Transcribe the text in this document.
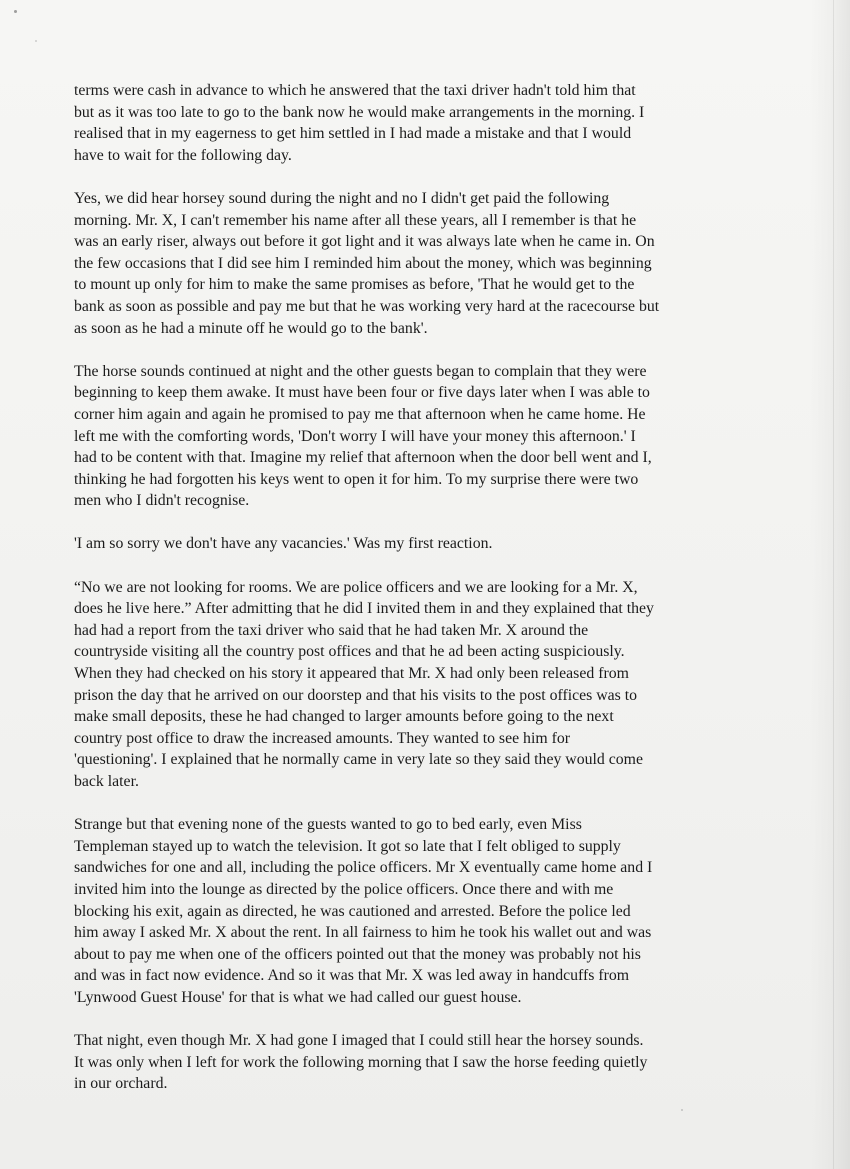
terms were cash in advance to which he answered that the taxi driver hadn't told him that
but as it was too late to go to the bank now he would make arrangements in the morning. I
realised that in my eagerness to get him settled in I had made a mistake and that I would
have to wait for the following day.

Yes, we did hear horsey sound during the night and no I didn't get paid the following
morning. Mr. X, I can't remember his name after all these years, all I remember is that he
was an early riser, always out before it got light and it was always late when he came in. On
the few occasions that I did see him I reminded him about the money, which was beginning
to mount up only for him to make the same promises as before, 'That he would get to the
bank as soon as possible and pay me but that he was working very hard at the racecourse but
as soon as he had a minute off he would go to the bank'.

The horse sounds continued at night and the other guests began to complain that they were
beginning to keep them awake. It must have been four or five days later when I was able to
corner him again and again he promised to pay me that afternoon when he came home. He
left me with the comforting words, 'Don't worry I will have your money this afternoon.' I
had to be content with that. Imagine my relief that afternoon when the door bell went and I,
thinking he had forgotten his keys went to open it for him. To my surprise there were two
men who I didn't recognise.

'I am so sorry we don't have any vacancies.' Was my first reaction.

“No we are not looking for rooms. We are police officers and we are looking for a Mr. X,
does he live here.” After admitting that he did I invited them in and they explained that they
had had a report from the taxi driver who said that he had taken Mr. X around the
countryside visiting all the country post offices and that he ad been acting suspiciously.
When they had checked on his story it appeared that Mr. X had only been released from
prison the day that he arrived on our doorstep and that his visits to the post offices was to
make small deposits, these he had changed to larger amounts before going to the next
country post office to draw the increased amounts. They wanted to see him for
'questioning'. I explained that he normally came in very late so they said they would come
back later.

Strange but that evening none of the guests wanted to go to bed early, even Miss
Templeman stayed up to watch the television. It got so late that I felt obliged to supply
sandwiches for one and all, including the police officers. Mr X eventually came home and I
invited him into the lounge as directed by the police officers. Once there and with me
blocking his exit, again as directed, he was cautioned and arrested. Before the police led
him away I asked Mr. X about the rent. In all fairness to him he took his wallet out and was
about to pay me when one of the officers pointed out that the money was probably not his
and was in fact now evidence. And so it was that Mr. X was led away in handcuffs from
'Lynwood Guest House' for that is what we had called our guest house.

That night, even though Mr. X had gone I imaged that I could still hear the horsey sounds.
It was only when I left for work the following morning that I saw the horse feeding quietly
in our orchard.
